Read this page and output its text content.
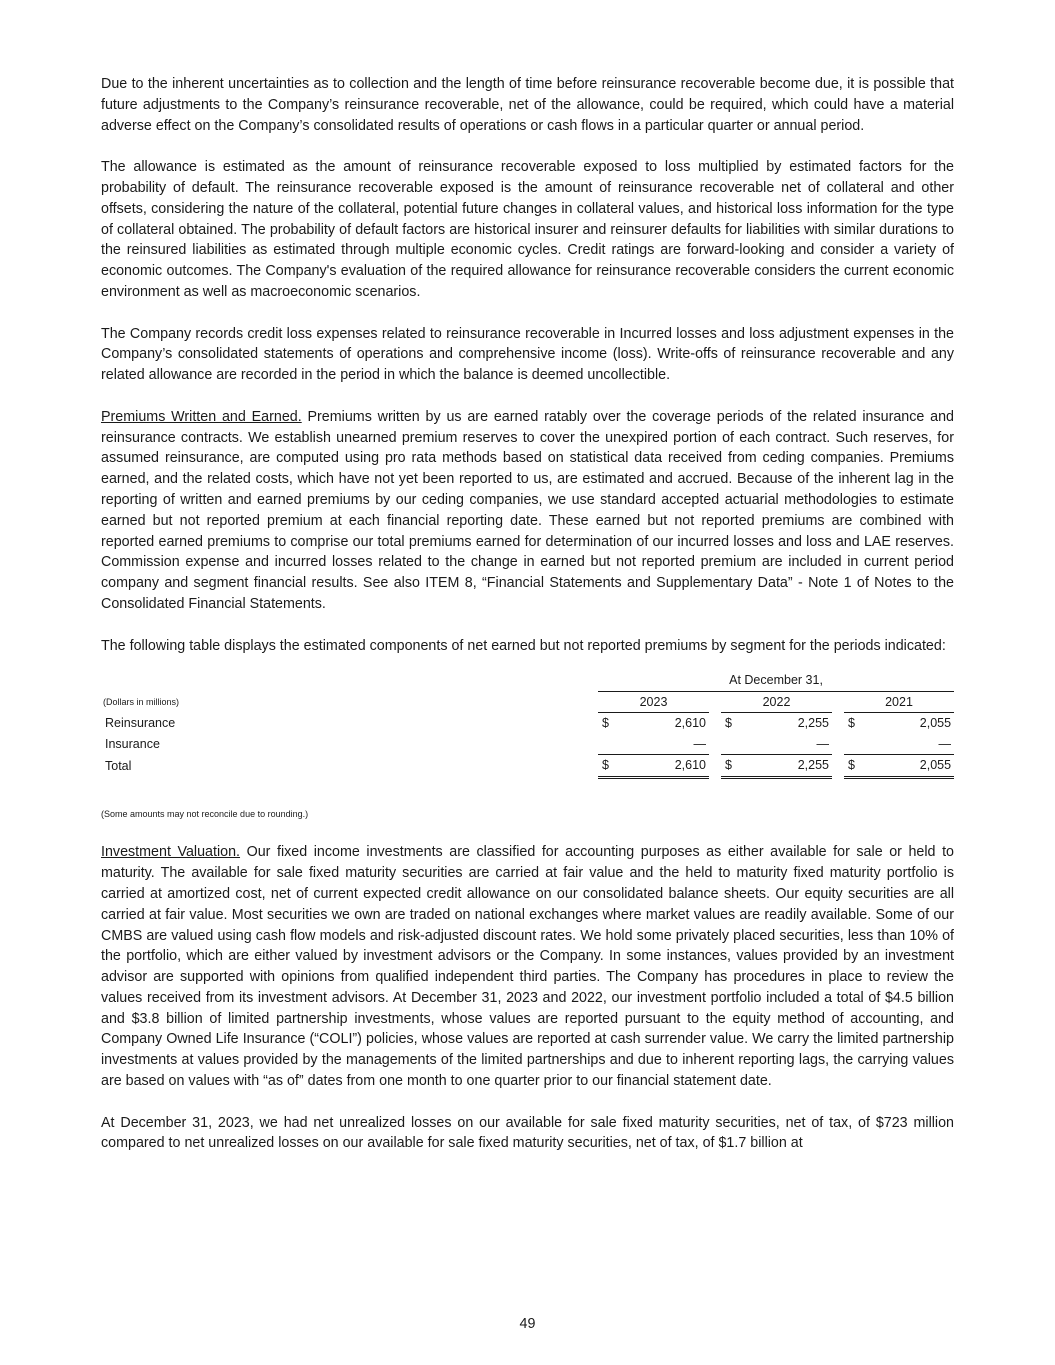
Due to the inherent uncertainties as to collection and the length of time before reinsurance recoverable become due, it is possible that future adjustments to the Company’s reinsurance recoverable, net of the allowance, could be required, which could have a material adverse effect on the Company’s consolidated results of operations or cash flows in a particular quarter or annual period.

The allowance is estimated as the amount of reinsurance recoverable exposed to loss multiplied by estimated factors for the probability of default. The reinsurance recoverable exposed is the amount of reinsurance recoverable net of collateral and other offsets, considering the nature of the collateral, potential future changes in collateral values, and historical loss information for the type of collateral obtained. The probability of default factors are historical insurer and reinsurer defaults for liabilities with similar durations to the reinsured liabilities as estimated through multiple economic cycles. Credit ratings are forward-looking and consider a variety of economic outcomes. The Company's evaluation of the required allowance for reinsurance recoverable considers the current economic environment as well as macroeconomic scenarios.

The Company records credit loss expenses related to reinsurance recoverable in Incurred losses and loss adjustment expenses in the Company’s consolidated statements of operations and comprehensive income (loss). Write-offs of reinsurance recoverable and any related allowance are recorded in the period in which the balance is deemed uncollectible.

Premiums Written and Earned. Premiums written by us are earned ratably over the coverage periods of the related insurance and reinsurance contracts. We establish unearned premium reserves to cover the unexpired portion of each contract. Such reserves, for assumed reinsurance, are computed using pro rata methods based on statistical data received from ceding companies. Premiums earned, and the related costs, which have not yet been reported to us, are estimated and accrued. Because of the inherent lag in the reporting of written and earned premiums by our ceding companies, we use standard accepted actuarial methodologies to estimate earned but not reported premium at each financial reporting date. These earned but not reported premiums are combined with reported earned premiums to comprise our total premiums earned for determination of our incurred losses and loss and LAE reserves. Commission expense and incurred losses related to the change in earned but not reported premium are included in current period company and segment financial results. See also ITEM 8, “Financial Statements and Supplementary Data” - Note 1 of Notes to the Consolidated Financial Statements.

The following table displays the estimated components of net earned but not reported premiums by segment for the periods indicated:

	At December 31,							
(Dollars in millions)	2023			2022			2021	
Reinsurance	$	2,610		$	2,255		$	2,055
Insurance		—			—			—
Total	$	2,610		$	2,255		$	2,055
(Some amounts may not reconcile due to rounding.)

Investment Valuation. Our fixed income investments are classified for accounting purposes as either available for sale or held to maturity. The available for sale fixed maturity securities are carried at fair value and the held to maturity fixed maturity portfolio is carried at amortized cost, net of current expected credit allowance on our consolidated balance sheets. Our equity securities are all carried at fair value. Most securities we own are traded on national exchanges where market values are readily available. Some of our CMBS are valued using cash flow models and risk-adjusted discount rates. We hold some privately placed securities, less than 10% of the portfolio, which are either valued by investment advisors or the Company. In some instances, values provided by an investment advisor are supported with opinions from qualified independent third parties. The Company has procedures in place to review the values received from its investment advisors. At December 31, 2023 and 2022, our investment portfolio included a total of $4.5 billion and $3.8 billion of limited partnership investments, whose values are reported pursuant to the equity method of accounting, and Company Owned Life Insurance (“COLI”) policies, whose values are reported at cash surrender value. We carry the limited partnership investments at values provided by the managements of the limited partnerships and due to inherent reporting lags, the carrying values are based on values with “as of” dates from one month to one quarter prior to our financial statement date.

At December 31, 2023, we had net unrealized losses on our available for sale fixed maturity securities, net of tax, of $723 million compared to net unrealized losses on our available for sale fixed maturity securities, net of tax, of $1.7 billion at

49
